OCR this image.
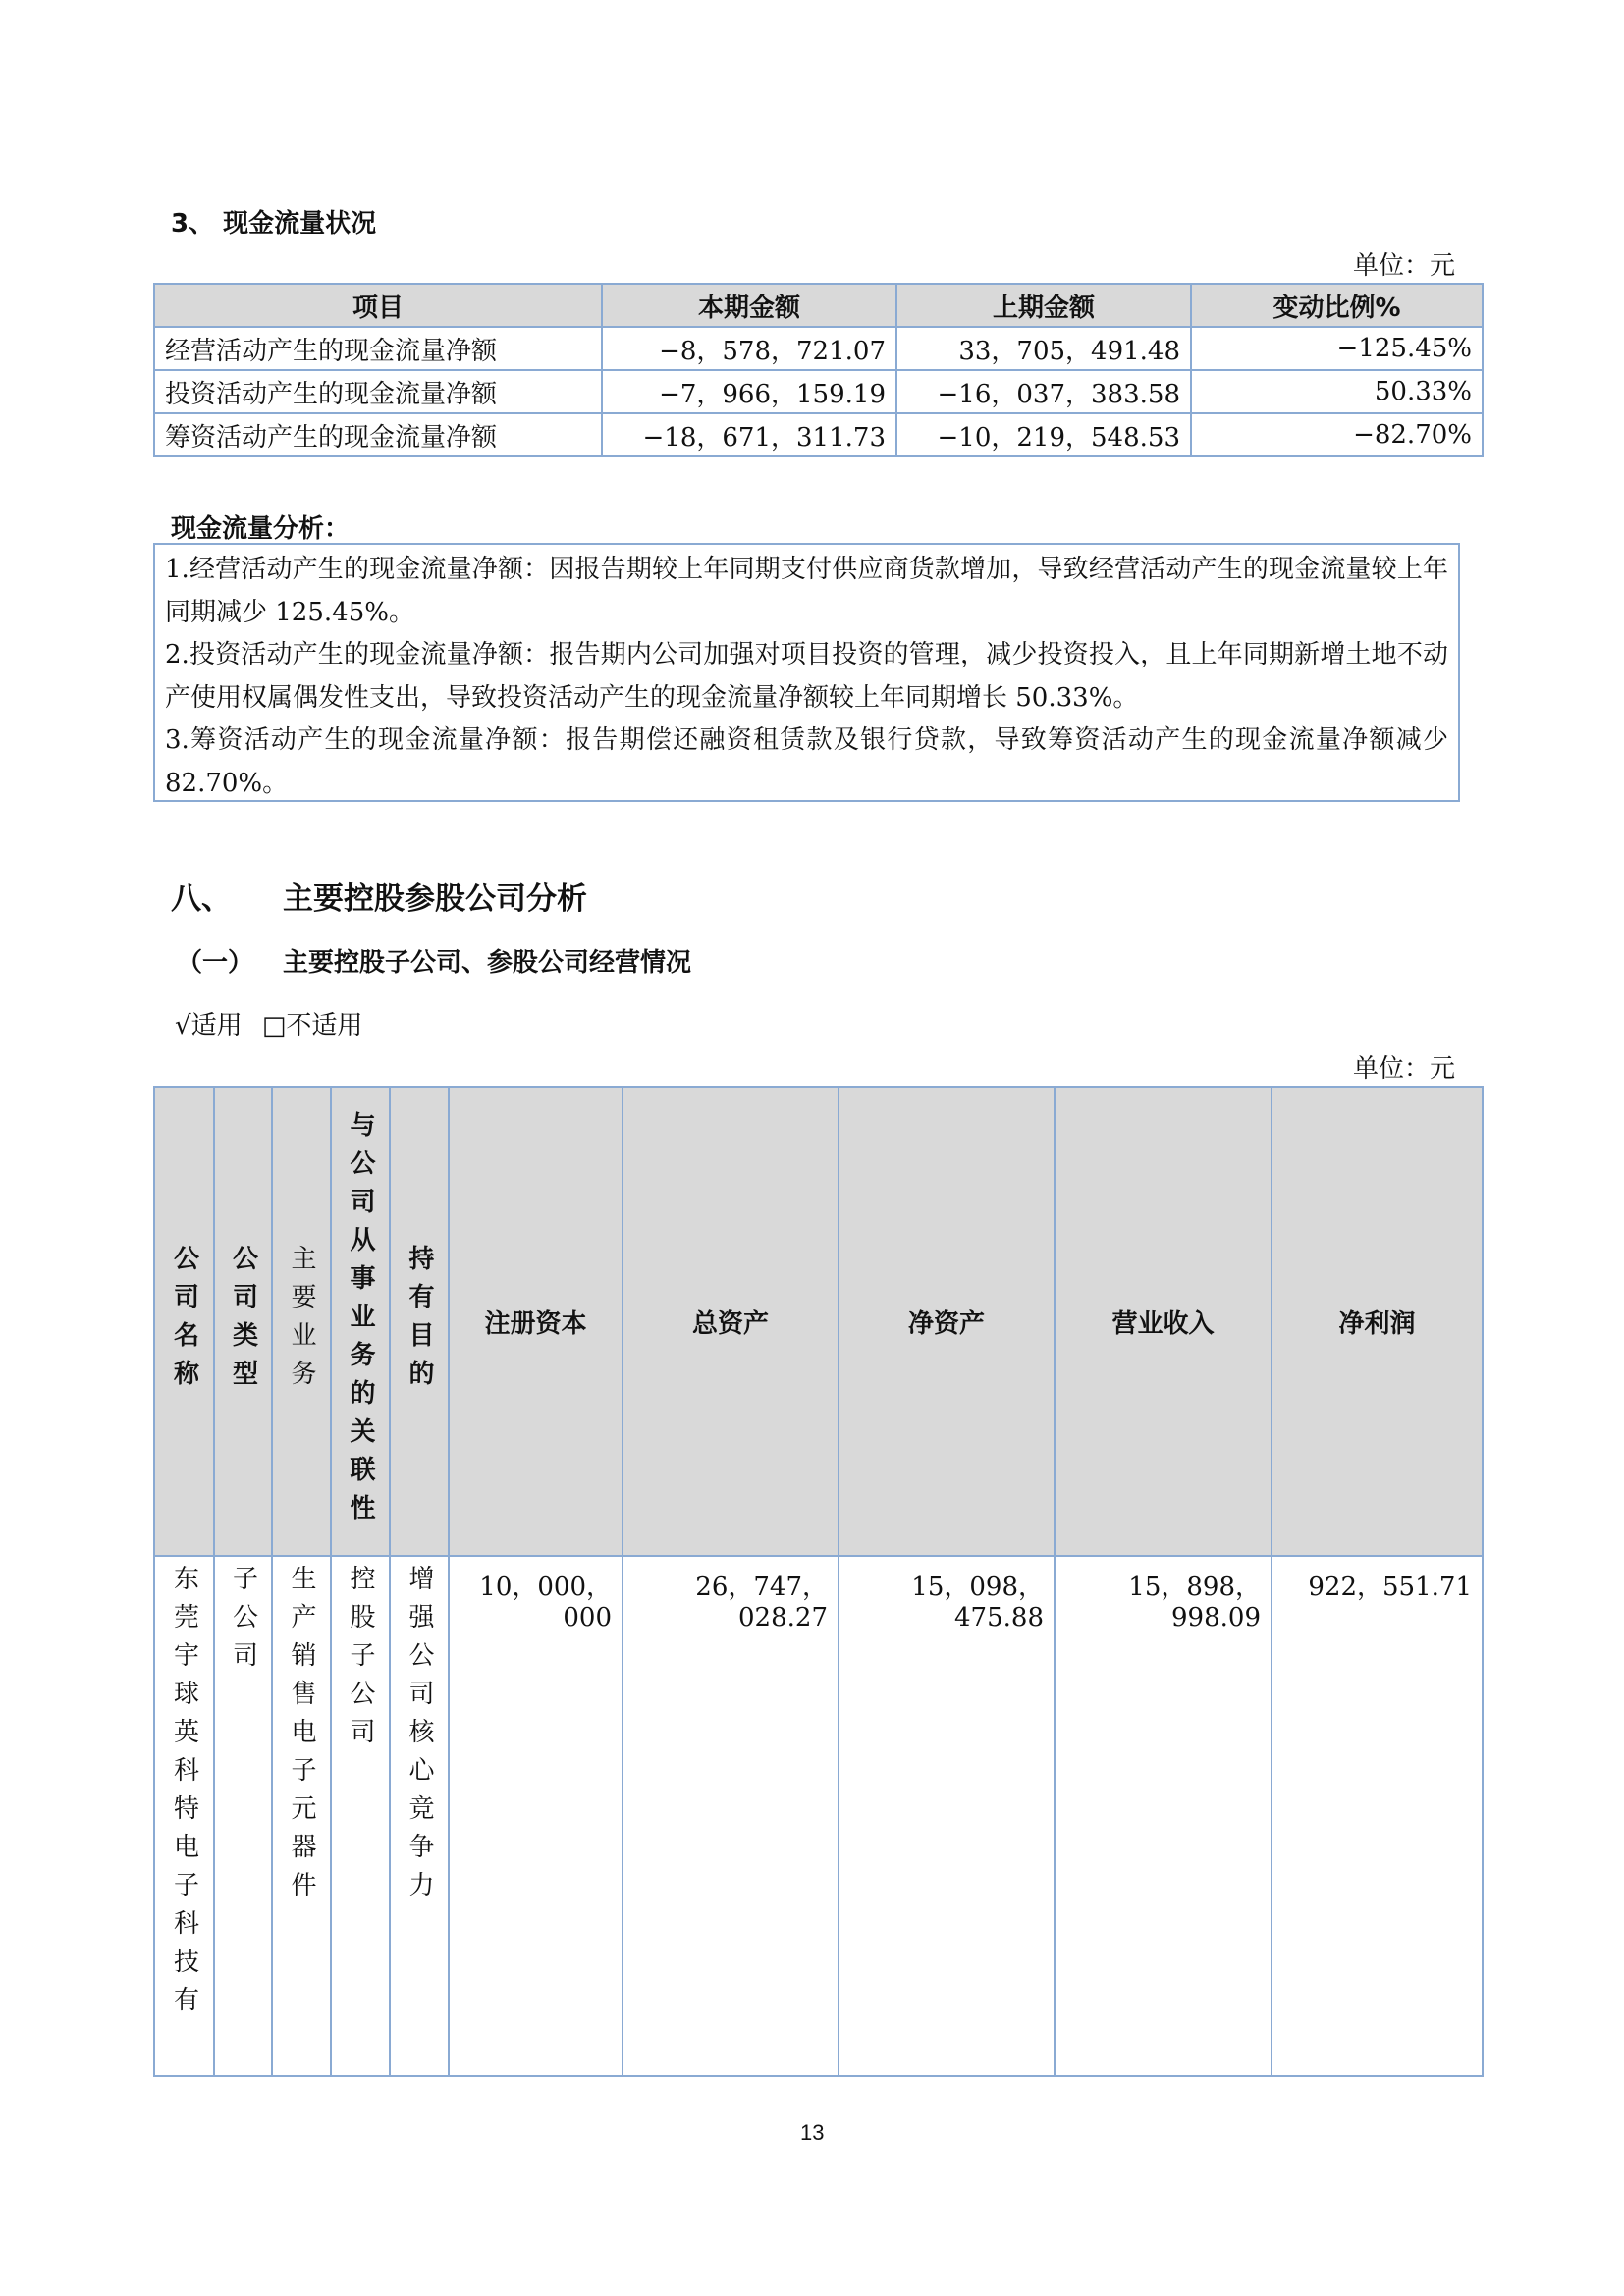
3、 现金流量状况
单位：元
项目	本期金额	上期金额	变动比例%
经营活动产生的现金流量净额	−8，578，721.07	33，705，491.48	−125.45%
投资活动产生的现金流量净额	−7，966，159.19	−16，037，383.58	50.33%
筹资活动产生的现金流量净额	−18，671，311.73	−10，219，548.53	−82.70%
现金流量分析：

1.经营活动产生的现金流量净额：因报告期较上年同期支付供应商货款增加，导致经营活动产生的现金流量较上年同期减少 125.45%。

2.投资活动产生的现金流量净额：报告期内公司加强对项目投资的管理，减少投资投入，且上年同期新增土地不动产使用权属偶发性支出，导致投资活动产生的现金流量净额较上年同期增长 50.33%。

3.筹资活动产生的现金流量净额：报告期偿还融资租赁款及银行贷款，导致筹资活动产生的现金流量净额减少 82.70%。

八、 主要控股参股公司分析
（一） 主要控股子公司、参股公司经营情况
√适用 □不适用
单位：元
公司名称	公司类型	主要业务	与公司从事业务的关联性	持有目的	注册资本	总资产	净资产	营业收入	净利润

东莞宇球英科特电子科技有	子公司	生产销售电子元器件	控股子公司	增强公司核心竞争力	10，000，000	26，747，028.27	15，098，475.88	15，898，998.09	922，551.71
13
